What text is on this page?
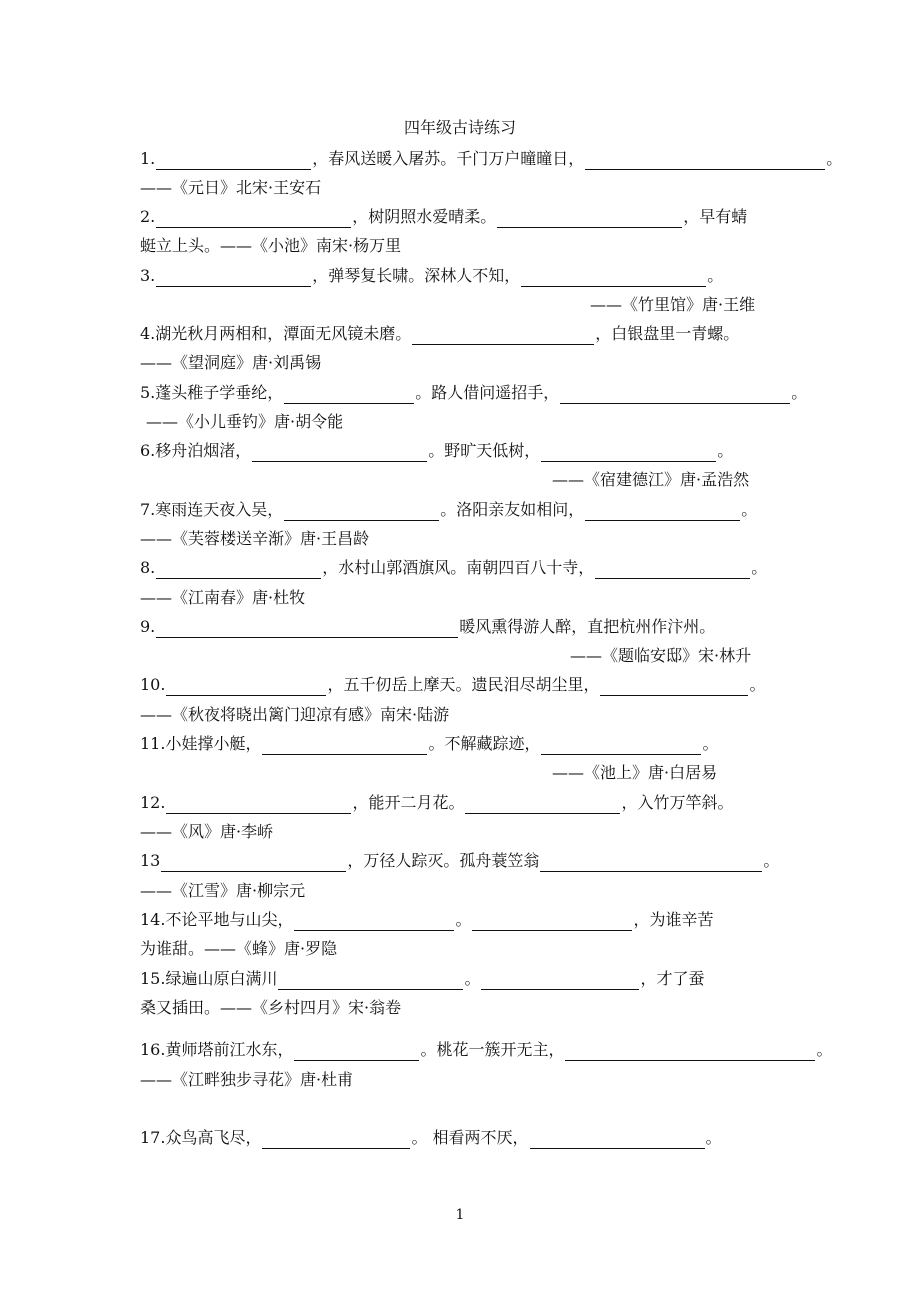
四年级古诗练习
1.	，春风送暖入屠苏。千门万户曈曈日，	。
——《元日》北宋·王安石
2.	，树阴照水爱晴柔。	，早有蜻
蜓立上头。——《小池》南宋·杨万里
3.	，弹琴复长啸。深林人不知，	。
——《竹里馆》唐·王维
4.湖光秋月两相和，潭面无风镜未磨。	，白银盘里一青螺。
——《望洞庭》唐·刘禹锡
5.蓬头稚子学垂纶，	。路人借问遥招手，	。
——《小儿垂钓》唐·胡令能
6.移舟泊烟渚，	。野旷天低树，	。
——《宿建德江》唐·孟浩然
7.寒雨连天夜入吴，	。洛阳亲友如相问，	。
——《芙蓉楼送辛渐》唐·王昌龄
8.	，水村山郭酒旗风。南朝四百八十寺，	。
——《江南春》唐·杜牧
9.	暖风熏得游人醉，直把杭州作汴州。
——《题临安邸》宋·林升
10.	，五千仞岳上摩天。遗民泪尽胡尘里，	。
——《秋夜将晓出篱门迎凉有感》南宋·陆游
11.小娃撑小艇，	。不解藏踪迹，	。
——《池上》唐·白居易
12.	，能开二月花。	，入竹万竿斜。
——《风》唐·李峤
13	，万径人踪灭。孤舟蓑笠翁	。
——《江雪》唐·柳宗元
14.不论平地与山尖，	。	，为谁辛苦
为谁甜。——《蜂》唐·罗隐
15.绿遍山原白满川	。	，才了蚕
桑又插田。——《乡村四月》宋·翁卷
16.黄师塔前江水东，	。桃花一簇开无主，	。
——《江畔独步寻花》唐·杜甫
17.众鸟高飞尽，	。 相看两不厌，	。
1
